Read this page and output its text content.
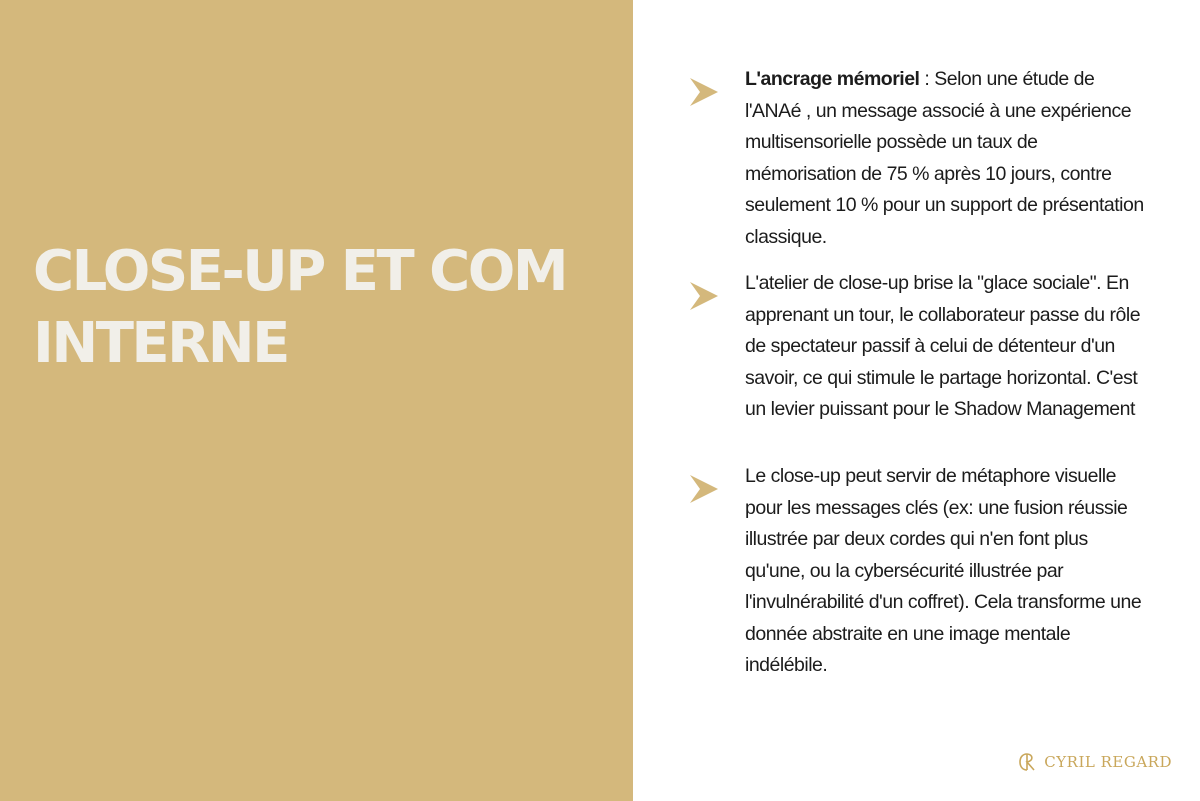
CLOSE-UP ET COM INTERNE

L'ancrage mémoriel : Selon une étude de l'ANAé , un message associé à une expérience multisensorielle possède un taux de mémorisation de 75 % après 10 jours, contre seulement 10 % pour un support de présentation classique.

L'atelier de close-up brise la "glace sociale". En apprenant un tour, le collaborateur passe du rôle de spectateur passif à celui de détenteur d'un savoir, ce qui stimule le partage horizontal. C'est un levier puissant pour le Shadow Management

Le close-up peut servir de métaphore visuelle pour les messages clés (ex: une fusion réussie illustrée par deux cordes qui n'en font plus qu'une, ou la cybersécurité illustrée par l'invulnérabilité d'un coffret). Cela transforme une donnée abstraite en une image mentale indélébile.

CYRIL REGARD
